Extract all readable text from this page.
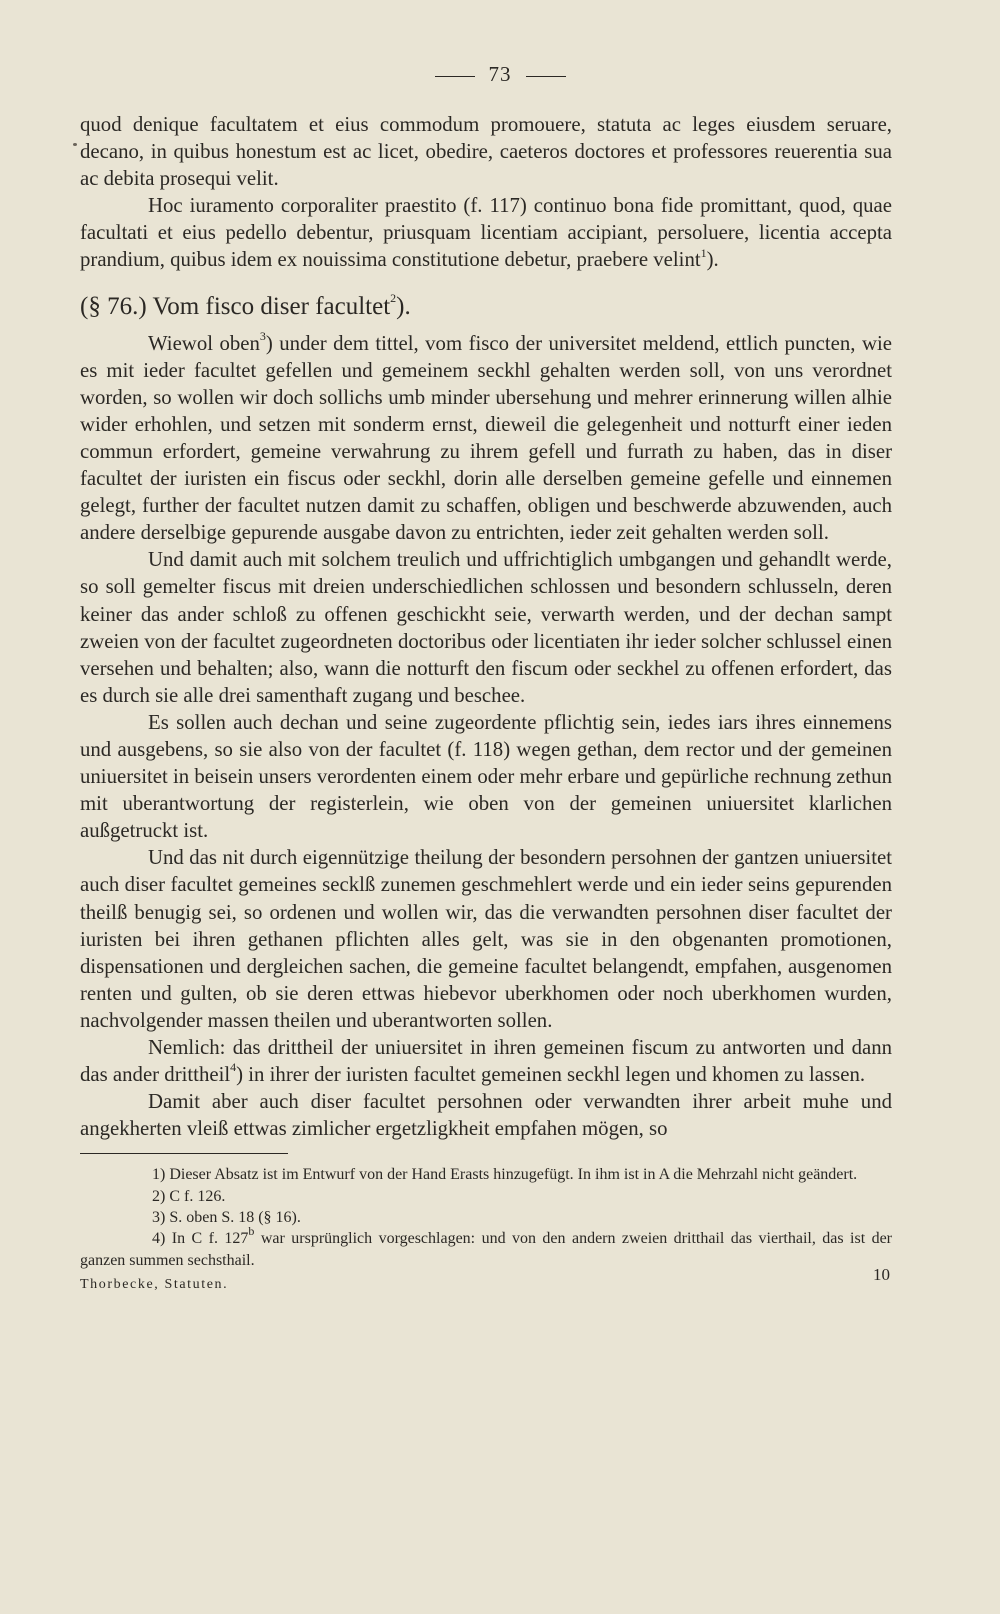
73

quod denique facultatem et eius commodum promouere, statuta ac leges eiusdem seruare, decano, in quibus honestum est ac licet, obedire, caeteros doctores et professores reuerentia sua ac debita prosequi velit.

Hoc iuramento corporaliter praestito (f. 117) continuo bona fide promittant, quod, quae facultati et eius pedello debentur, priusquam licentiam accipiant, persoluere, licentia accepta prandium, quibus idem ex nouissima constitutione debetur, praebere velint$^1$).

(§ 76.) Vom fisco diser facultet$^2$).

Wiewol oben$^3$) under dem tittel, vom fisco der universitet meldend, ettlich puncten, wie es mit ieder facultet gefellen und gemeinem seckhl gehalten werden soll, von uns verordnet worden, so wollen wir doch sollichs umb minder ubersehung und mehrer erinnerung willen alhie wider erhohlen, und setzen mit sonderm ernst, dieweil die gelegenheit und notturft einer ieden commun erfordert, gemeine verwahrung zu ihrem gefell und furrath zu haben, das in diser facultet der iuristen ein fiscus oder seckhl, dorin alle derselben gemeine gefelle und einnemen gelegt, further der facultet nutzen damit zu schaffen, obligen und beschwerde abzuwenden, auch andere derselbige gepurende ausgabe davon zu entrichten, ieder zeit gehalten werden soll.

Und damit auch mit solchem treulich und uffrichtiglich umbgangen und gehandlt werde, so soll gemelter fiscus mit dreien underschiedlichen schlossen und besondern schlusseln, deren keiner das ander schloß zu offenen geschickht seie, verwarth werden, und der dechan sampt zweien von der facultet zugeordneten doctoribus oder licentiaten ihr ieder solcher schlussel einen versehen und behalten; also, wann die notturft den fiscum oder seckhel zu offenen erfordert, das es durch sie alle drei samenthaft zugang und beschee.

Es sollen auch dechan und seine zugeordente pflichtig sein, iedes iars ihres einnemens und ausgebens, so sie also von der facultet (f. 118) wegen gethan, dem rector und der gemeinen uniuersitet in beisein unsers verordenten einem oder mehr erbare und gepürliche rechnung zethun mit uberantwortung der registerlein, wie oben von der gemeinen uniuersitet klarlichen außgetruckt ist.

Und das nit durch eigennützige theilung der besondern persohnen der gantzen uniuersitet auch diser facultet gemeines secklß zunemen geschmehlert werde und ein ieder seins gepurenden theilß benugig sei, so ordenen und wollen wir, das die verwandten persohnen diser facultet der iuristen bei ihren gethanen pflichten alles gelt, was sie in den obgenanten promotionen, dispensationen und dergleichen sachen, die gemeine facultet belangendt, empfahen, ausgenomen renten und gulten, ob sie deren ettwas hiebevor uberkhomen oder noch uberkhomen wurden, nachvolgender massen theilen und uberantworten sollen.

Nemlich: das drittheil der uniuersitet in ihren gemeinen fiscum zu antworten und dann das ander drittheil$^4$) in ihrer der iuristen facultet gemeinen seckhl legen und khomen zu lassen.

Damit aber auch diser facultet persohnen oder verwandten ihrer arbeit muhe und angekherten vleiß ettwas zimlicher ergetzligkheit empfahen mögen, so

1) Dieser Absatz ist im Entwurf von der Hand Erasts hinzugefügt. In ihm ist in A die Mehrzahl nicht geändert.

2) C f. 126.

3) S. oben S. 18 (§ 16).

4) In C f. 127$^b$ war ursprünglich vorgeschlagen: und von den andern zweien dritthail das vierthail, das ist der ganzen summen sechsthail.

Thorbecke, Statuten.
10
